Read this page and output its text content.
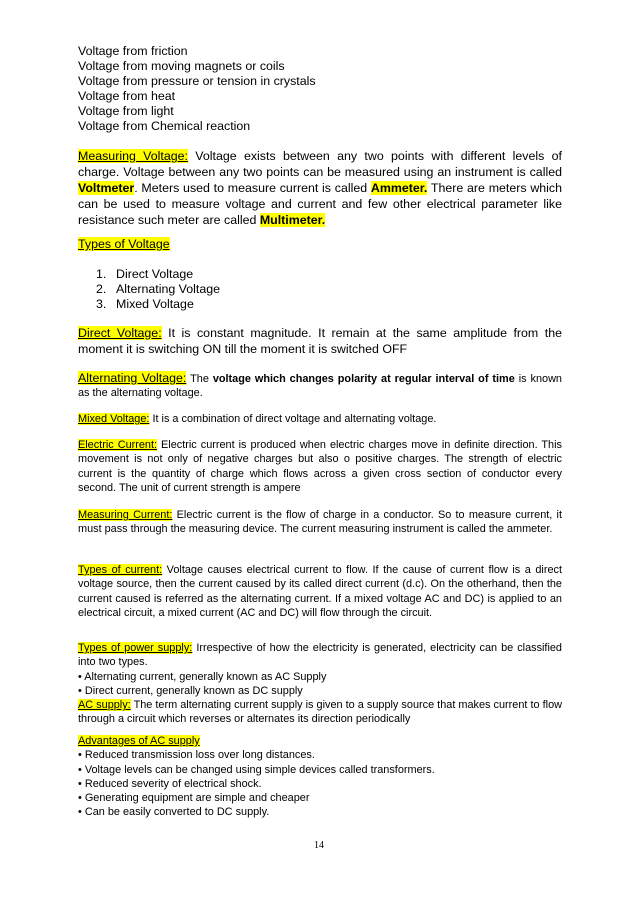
Voltage from friction
Voltage from moving magnets or coils
Voltage from pressure or tension in crystals
Voltage from heat
Voltage from light
Voltage from Chemical reaction
Measuring Voltage: Voltage exists between any two points with different levels of charge. Voltage between any two points can be measured using an instrument is called Voltmeter. Meters used to measure current is called Ammeter. There are meters which can be used to measure voltage and current and few other electrical parameter like resistance such meter are called Multimeter.
Types of Voltage
1. Direct Voltage
2. Alternating Voltage
3. Mixed Voltage
Direct Voltage: It is constant magnitude. It remain at the same amplitude from the moment it is switching ON till the moment it is switched OFF
Alternating Voltage: The voltage which changes polarity at regular interval of time is known as the alternating voltage.
Mixed Voltage: It is a combination of direct voltage and alternating voltage.
Electric Current: Electric current is produced when electric charges move in definite direction. This movement is not only of negative charges but also o positive charges. The strength of electric current is the quantity of charge which flows across a given cross section of conductor every second. The unit of current strength is ampere
Measuring Current: Electric current is the flow of charge in a conductor. So to measure current, it must pass through the measuring device. The current measuring instrument is called the ammeter.
Types of current: Voltage causes electrical current to flow. If the cause of current flow is a direct voltage source, then the current caused by its called direct current (d.c). On the otherhand, then the current caused is referred as the alternating current. If a mixed voltage AC and DC) is applied to an electrical circuit, a mixed current (AC and DC) will flow through the circuit.
Types of power supply: Irrespective of how the electricity is generated, electricity can be classified into two types.
• Alternating current, generally known as AC Supply
• Direct current, generally known as DC supply
AC supply: The term alternating current supply is given to a supply source that makes current to flow through a circuit which reverses or alternates its direction periodically
Advantages of AC supply
• Reduced transmission loss over long distances.
• Voltage levels can be changed using simple devices called transformers.
• Reduced severity of electrical shock.
• Generating equipment are simple and cheaper
• Can be easily converted to DC supply.
14
